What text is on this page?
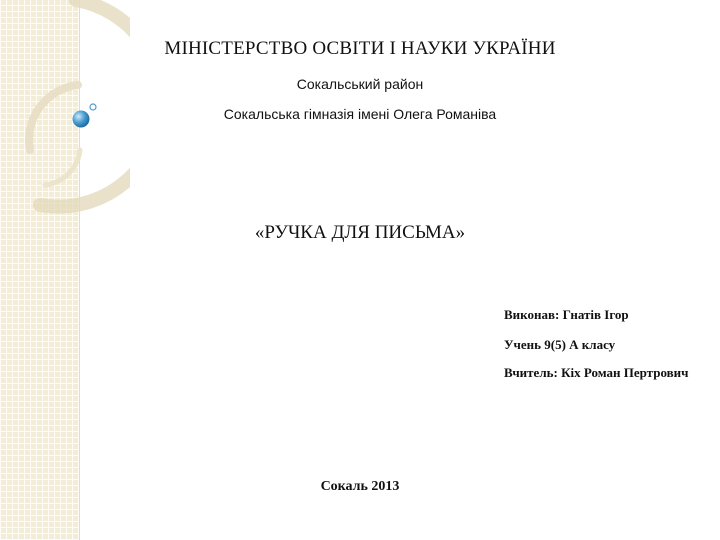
МІНІСТЕРСТВО ОСВІТИ І НАУКИ УКРАЇНИ
Сокальський район
Сокальська гімназія імені Олега Романіва
«РУЧКА ДЛЯ ПИСЬМА»
Виконав: Гнатів Ігор
Учень 9(5) А класу
Вчитель: Кіх Роман Пертрович
Сокаль 2013
